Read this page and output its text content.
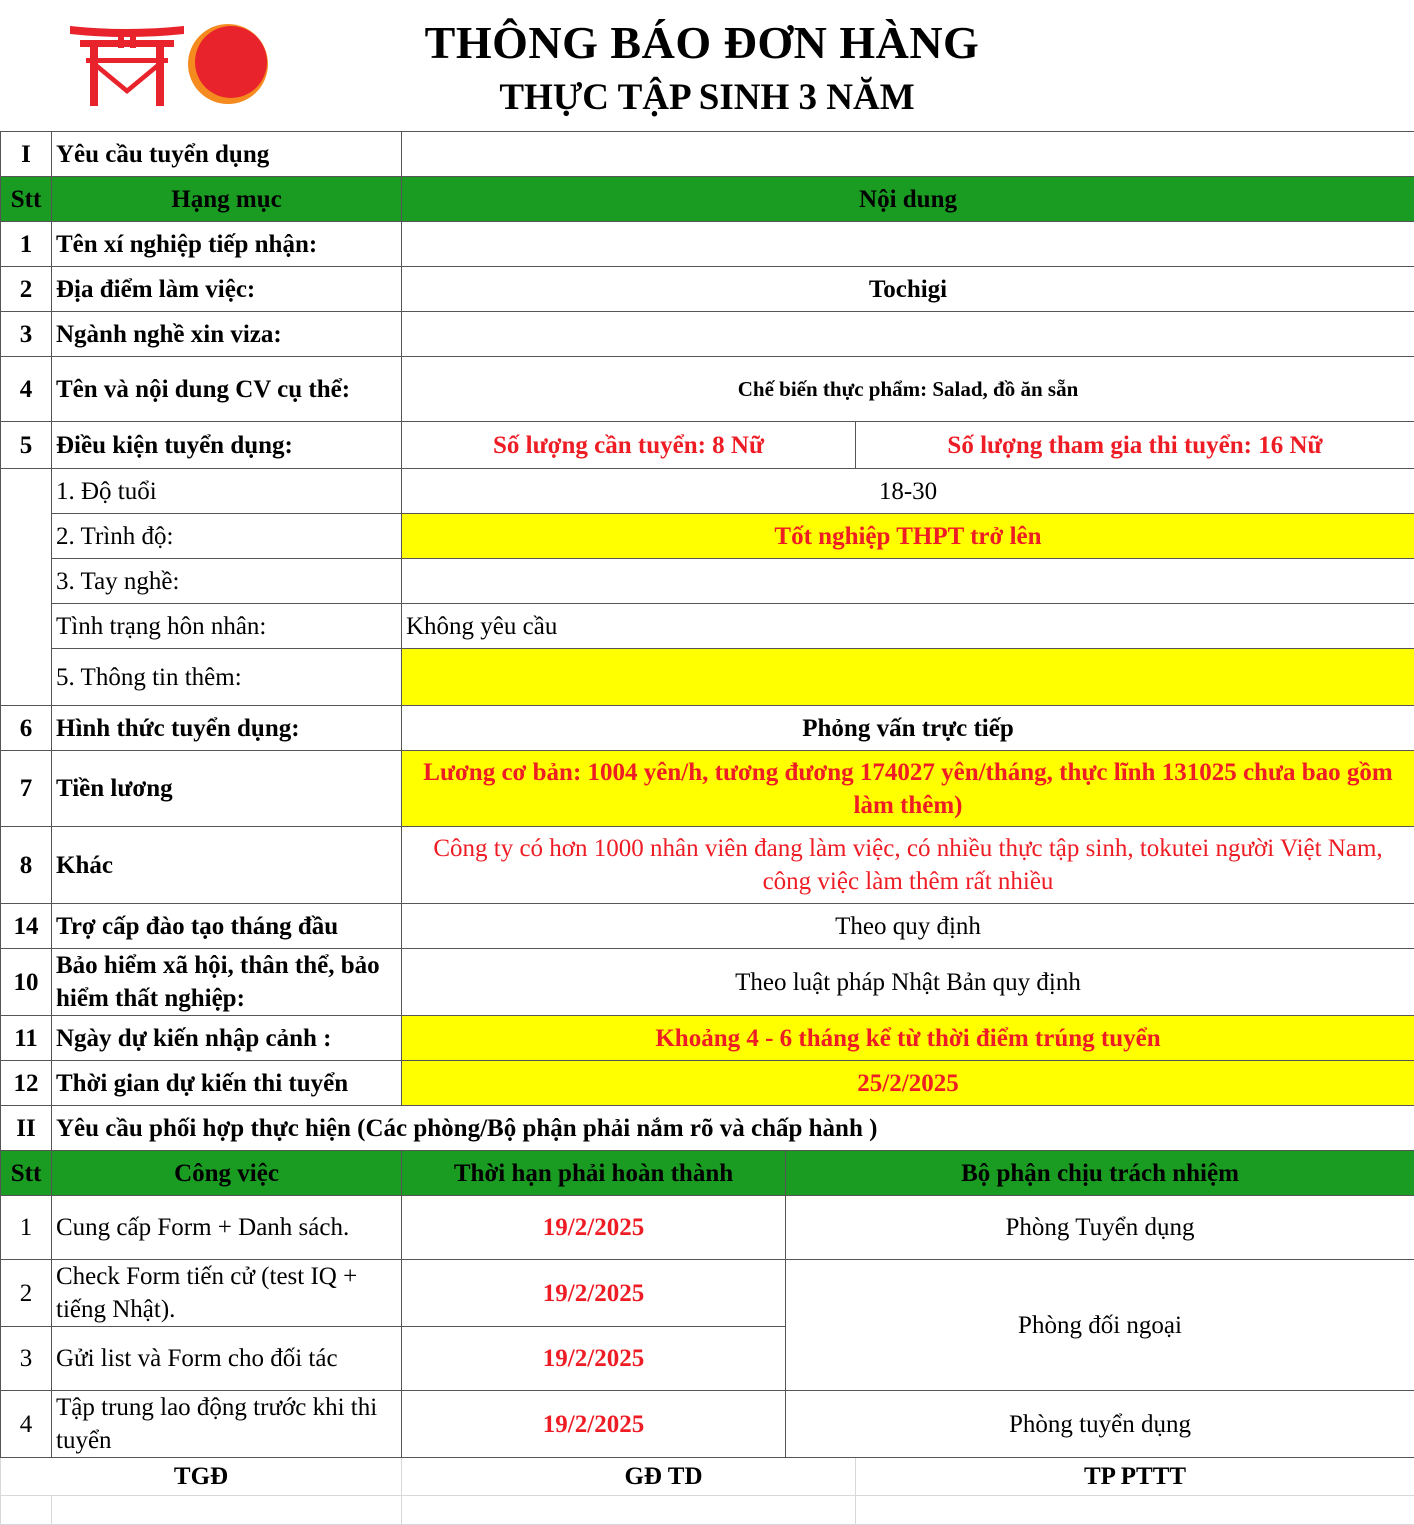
THÔNG BÁO ĐƠN HÀNG
THỰC TẬP SINH 3 NĂM
I	Yêu cầu tuyển dụng			
Stt	Hạng mục	Nội dung		
1	Tên xí nghiệp tiếp nhận:			
2	Địa điểm làm việc:	Tochigi		
3	Ngành nghề xin viza:			
4	Tên và nội dung CV cụ thể:	Chế biến thực phẩm: Salad, đồ ăn sẵn		
5	Điều kiện tuyển dụng:	Số lượng cần tuyển: 8 Nữ		Số lượng tham gia thi tuyển: 16 Nữ
	1. Độ tuổi	18-30		
	2. Trình độ:	Tốt nghiệp THPT trở lên		
	3. Tay nghề:			
	Tình trạng hôn nhân:	Không yêu cầu		
	5. Thông tin thêm:			
6	Hình thức tuyển dụng:	Phỏng vấn trực tiếp		
7	Tiền lương	Lương cơ bản: 1004 yên/h, tương đương 174027 yên/tháng, thực lĩnh 131025 chưa bao gồm làm thêm)		
8	Khác	Công ty có hơn 1000 nhân viên đang làm việc, có nhiều thực tập sinh, tokutei người Việt Nam, công việc làm thêm rất nhiều		
14	Trợ cấp đào tạo tháng đầu	Theo quy định		
10	Bảo hiểm xã hội, thân thể, bảo hiểm thất nghiệp:	Theo luật pháp Nhật Bản quy định		
11	Ngày dự kiến nhập cảnh :	Khoảng 4 - 6 tháng kể từ thời điểm trúng tuyển		
12	Thời gian dự kiến thi tuyển	25/2/2025		
II	Yêu cầu phối hợp thực hiện (Các phòng/Bộ phận phải nắm rõ và chấp hành )			
Stt	Công việc	Thời hạn phải hoàn thành	Bộ phận chịu trách nhiệm	
1	Cung cấp Form + Danh sách.	19/2/2025	Phòng Tuyển dụng	
2	Check Form tiến cử (test IQ + tiếng Nhật).	19/2/2025	Phòng đối ngoại	
3	Gửi list và Form cho đối tác	19/2/2025		
4	Tập trung lao động trước khi thi tuyển	19/2/2025	Phòng tuyển dụng	
TGĐ		GĐ TD		TP PTTT
